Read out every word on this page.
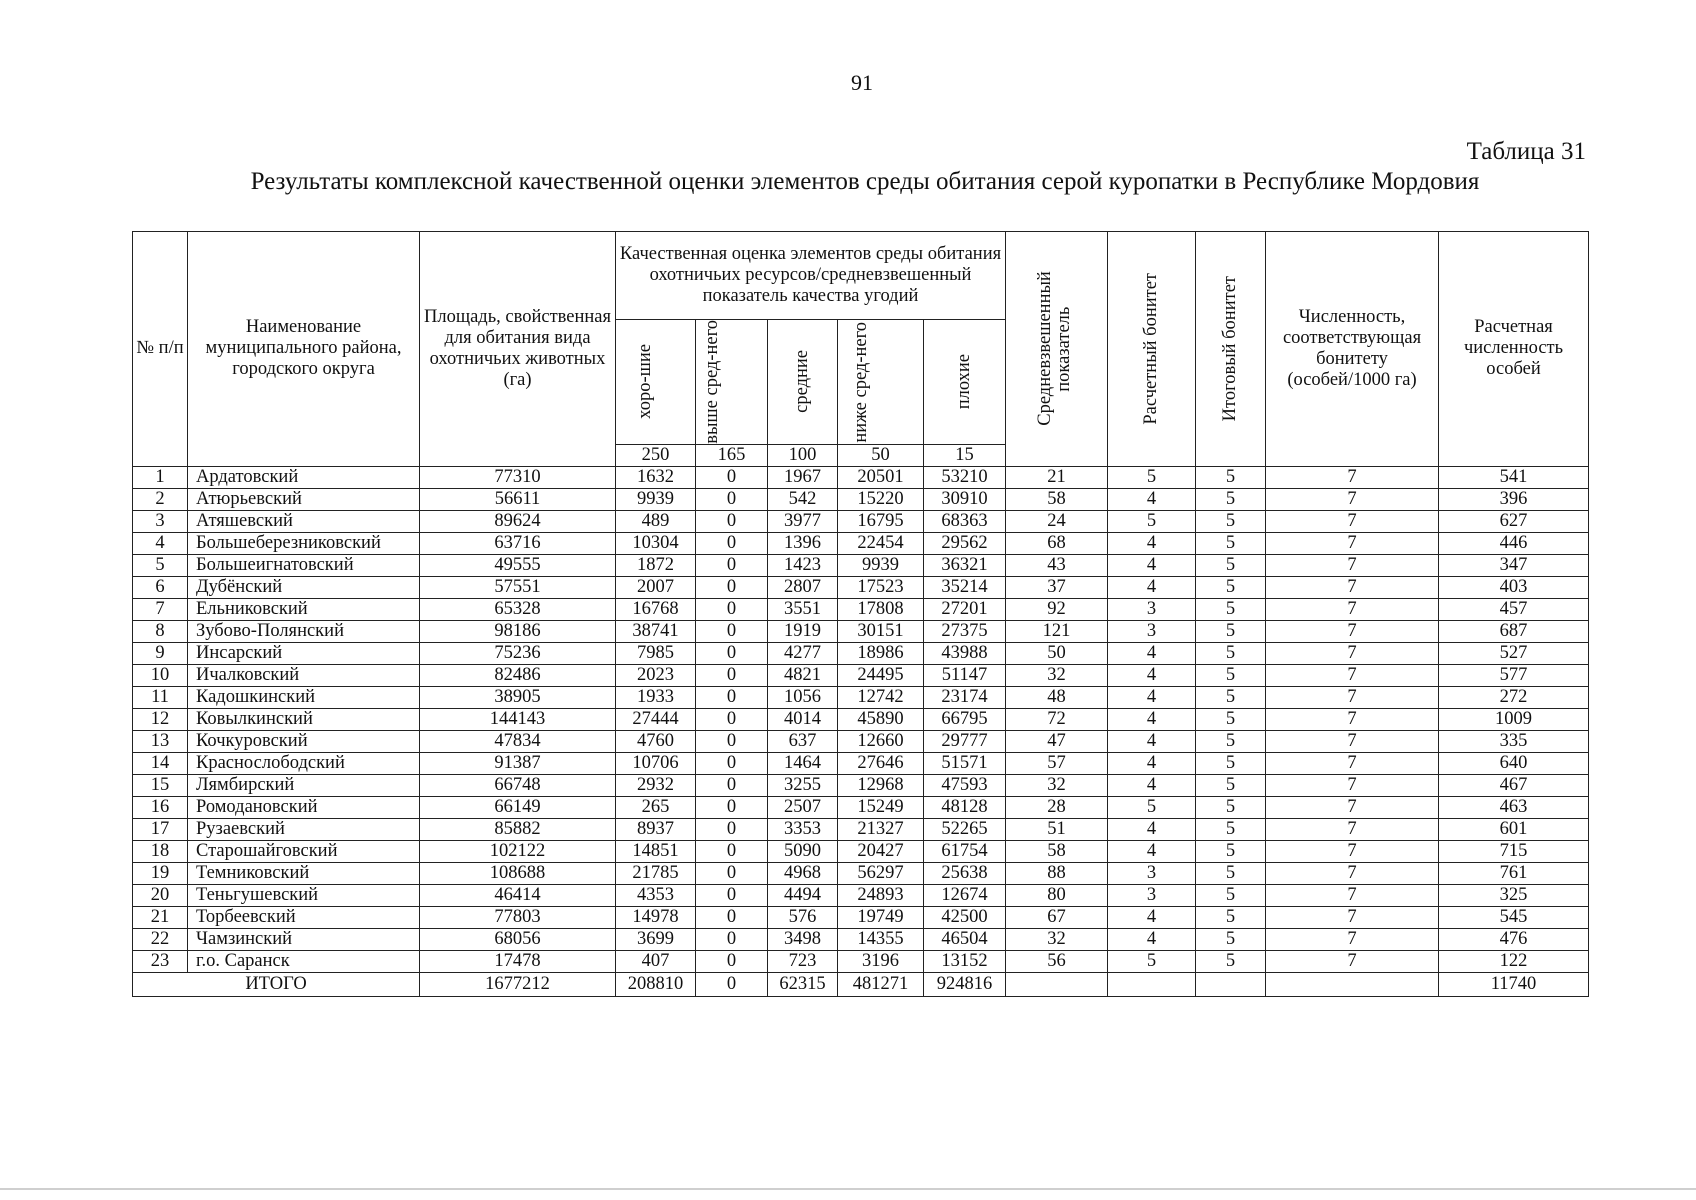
91
Таблица 31
Результаты комплексной качественной оценки элементов среды обитания серой куропатки в Республике Мордовия
№ п/п	Наименование муниципального района, городского округа	Площадь, свойственная для обитания вида охотничьих животных (га)	Качественная оценка элементов среды обитания охотничьих ресурсов/средневзвешенный показатель качества угодий					Средневзвешенный показатель	Расчетный бонитет	Итоговый бонитет	Численность, соответствующая бонитету (особей/1000 га)	Расчетная численность особей

			хоро-шие	выше сред-него	средние	ниже сред-него	плохие					

			250	165	100	50	15					
1	Ардатовский	77310	1632	0	1967	20501	53210	21	5	5	7	541
2	Атюрьевский	56611	9939	0	542	15220	30910	58	4	5	7	396
3	Атяшевский	89624	489	0	3977	16795	68363	24	5	5	7	627
4	Большеберезниковский	63716	10304	0	1396	22454	29562	68	4	5	7	446
5	Большеигнатовский	49555	1872	0	1423	9939	36321	43	4	5	7	347
6	Дубёнский	57551	2007	0	2807	17523	35214	37	4	5	7	403
7	Ельниковский	65328	16768	0	3551	17808	27201	92	3	5	7	457
8	Зубово-Полянский	98186	38741	0	1919	30151	27375	121	3	5	7	687
9	Инсарский	75236	7985	0	4277	18986	43988	50	4	5	7	527
10	Ичалковский	82486	2023	0	4821	24495	51147	32	4	5	7	577
11	Кадошкинский	38905	1933	0	1056	12742	23174	48	4	5	7	272
12	Ковылкинский	144143	27444	0	4014	45890	66795	72	4	5	7	1009
13	Кочкуровский	47834	4760	0	637	12660	29777	47	4	5	7	335
14	Краснослободский	91387	10706	0	1464	27646	51571	57	4	5	7	640
15	Лямбирский	66748	2932	0	3255	12968	47593	32	4	5	7	467
16	Ромодановский	66149	265	0	2507	15249	48128	28	5	5	7	463
17	Рузаевский	85882	8937	0	3353	21327	52265	51	4	5	7	601
18	Старошайговский	102122	14851	0	5090	20427	61754	58	4	5	7	715
19	Темниковский	108688	21785	0	4968	56297	25638	88	3	5	7	761
20	Теньгушевский	46414	4353	0	4494	24893	12674	80	3	5	7	325
21	Торбеевский	77803	14978	0	576	19749	42500	67	4	5	7	545
22	Чамзинский	68056	3699	0	3498	14355	46504	32	4	5	7	476
23	г.о. Саранск	17478	407	0	723	3196	13152	56	5	5	7	122
ИТОГО		1677212	208810	0	62315	481271	924816					11740
